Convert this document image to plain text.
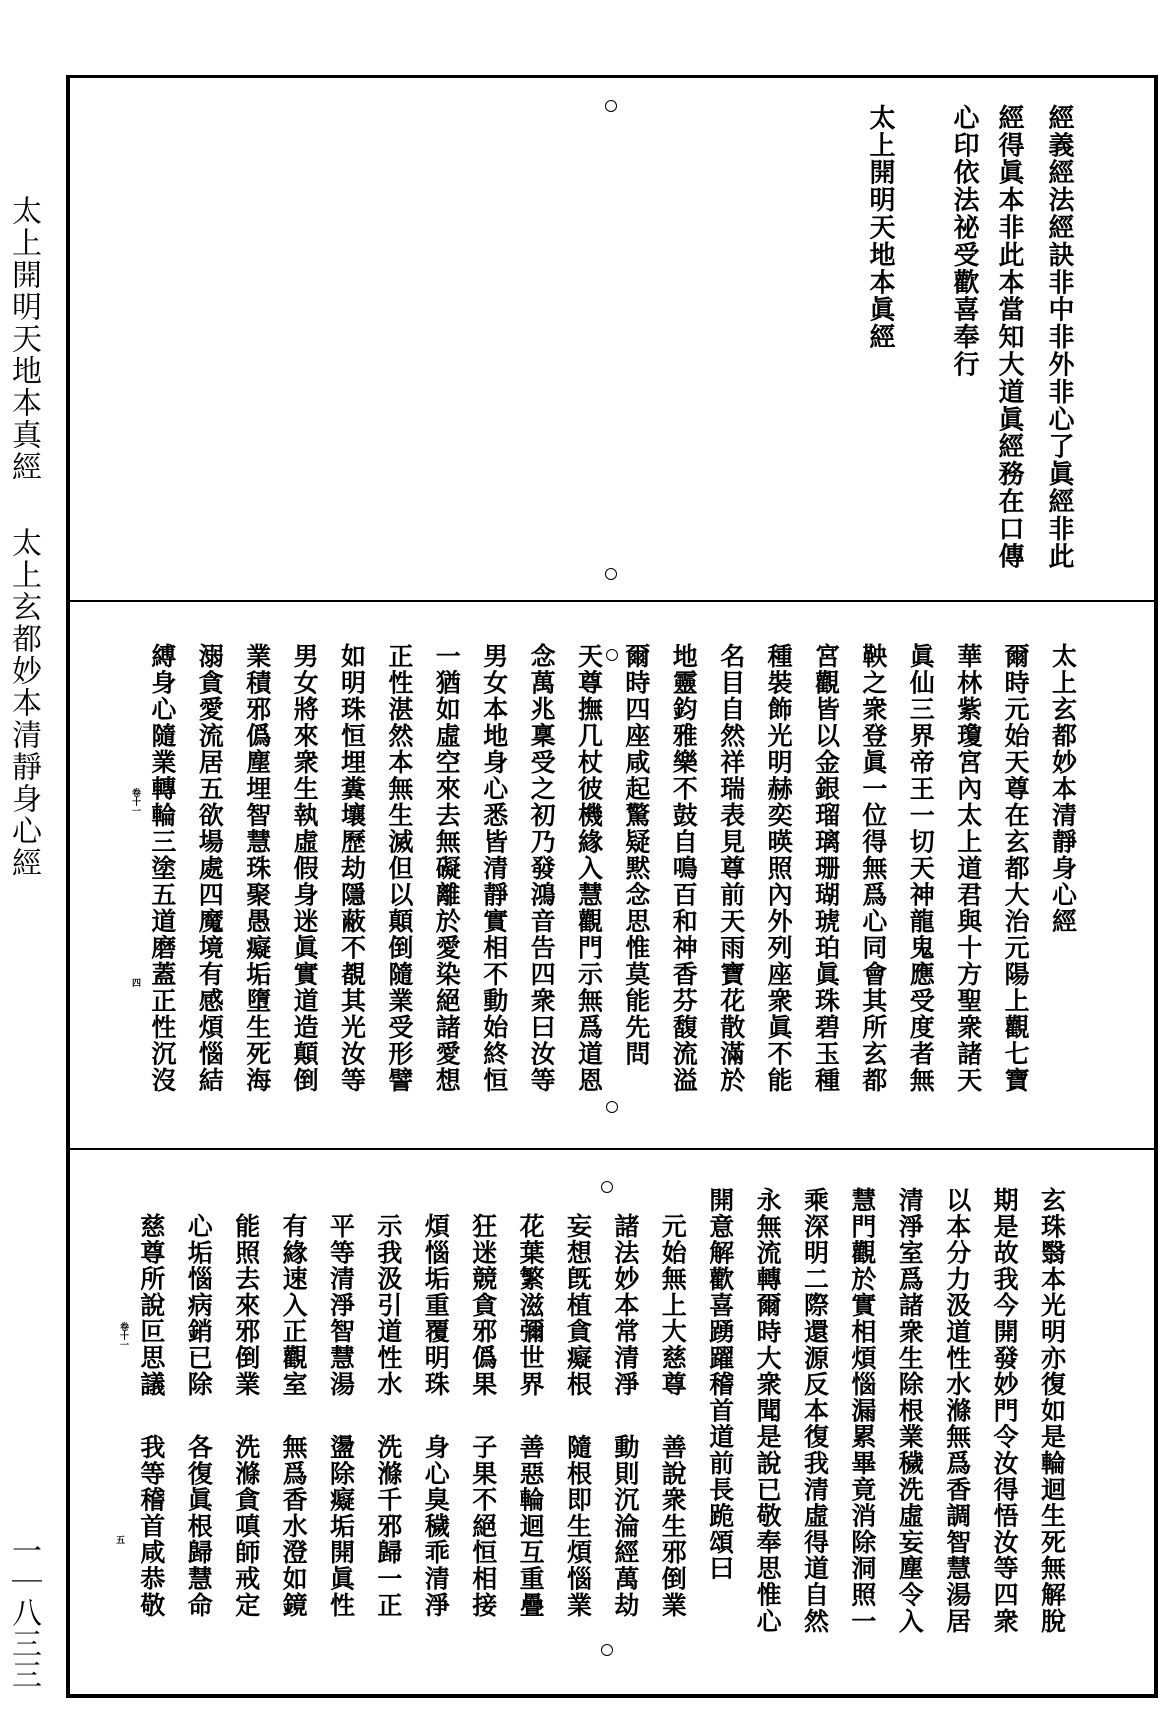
太上開明天地本真經
太上玄都妙本清靜身心經
一｜八三三
卷十一
四
卷十一
五
經義經法經訣非中非外非心了眞經非此
經得眞本非此本當知大道眞經務在口傳
心印依法祕受歡喜奉行
太上開明天地本眞經
太上玄都妙本清靜身心經
爾時元始天尊在玄都大治元陽上觀七寶
華林紫瓊宮內太上道君與十方聖衆諸天
眞仙三界帝王一切天神龍鬼應受度者無
鞅之衆登眞一位得無爲心同會其所玄都
宮觀皆以金銀瑠璃珊瑚琥珀眞珠碧玉種
種裝飾光明赫奕暎照內外列座衆眞不能
名目自然祥瑞表見尊前天雨寶花散滿於
地靈鈞雅樂不鼓自鳴百和神香芬馥流溢
爾時四座咸起驚疑黙念思惟莫能先問
天尊撫几杖彼機緣入慧觀門示無爲道恩
念萬兆稟受之初乃發鴻音告四衆曰汝等
男女本地身心悉皆清靜實相不動始終恒
一猶如虛空來去無礙離於愛染絕諸愛想
正性湛然本無生滅但以顛倒隨業受形譬
如明珠恒埋糞壤歷劫隱蔽不覩其光汝等
男女將來衆生執虛假身迷眞實道造顛倒
業積邪僞塵埋智慧珠聚愚癡垢墮生死海
溺貪愛流居五欲場處四魔境有感煩惱結
縛身心隨業轉輪三塗五道磨蓋正性沉沒
玄珠翳本光明亦復如是輪迴生死無解脫
期是故我今開發妙門令汝得悟汝等四衆
以本分力汲道性水滌無爲香調智慧湯居
清淨室爲諸衆生除根業穢洗虛妄塵令入
慧門觀於實相煩惱漏累畢竟消除洞照一
乘深明二際還源反本復我清虛得道自然
永無流轉爾時大衆聞是說已敬奉思惟心
開意解歡喜踴躍稽首道前長跪頌曰
元始無上大慈尊
善說衆生邪倒業
諸法妙本常清淨
動則沉淪經萬劫
妄想旣植貪癡根
隨根即生煩惱業
花葉繁滋彌世界
善惡輪迴互重疊
狂迷競貪邪僞果
子果不絕恒相接
煩惱垢重覆明珠
身心臭穢乖清淨
示我汲引道性水
洗滌千邪歸一正
平等清淨智慧湯
盪除癡垢開眞性
有緣速入正觀室
無爲香水澄如鏡
能照去來邪倒業
洗滌貪嗔師戒定
心垢惱病銷已除
各復眞根歸慧命
慈尊所說叵思議
我等稽首咸恭敬
